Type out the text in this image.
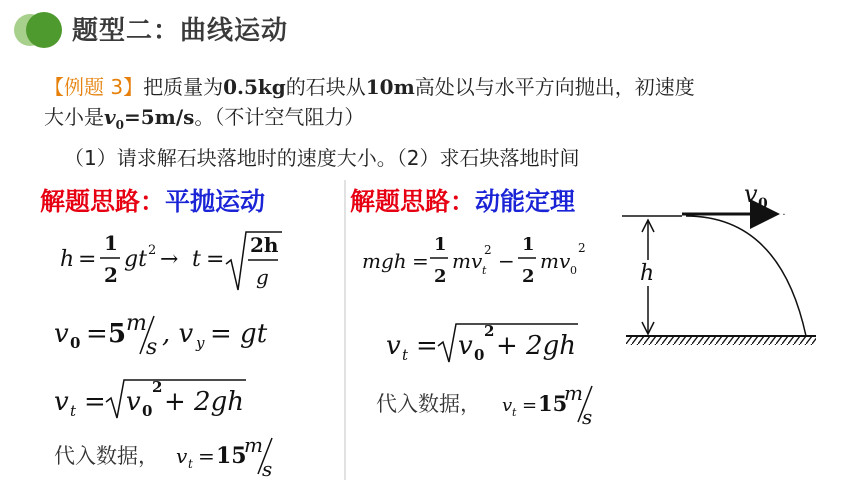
题型二：曲线运动
【例题 3】把质量为0.5kg的石块从10m高处以与水平方向抛出，初速度
大小是$v_0=5m/s$。（不计空气阻力）
（1）请求解石块落地时的速度大小。（2）求石块落地时间
解题思路：平抛运动	解题思路：动能定理
h =
1
2
gt 2 → t =
2h
g
v 0 = 5 m
s , v y = gt
v t = v 0
2 + 2gh
代入数据， v t = 15
m
s
mgh =
1
2
mv t
2 −
1
2
mv 0
2
v t = v 0
2 + 2gh
代入数据， v t = 15
m
s
v 0
· ·
h
